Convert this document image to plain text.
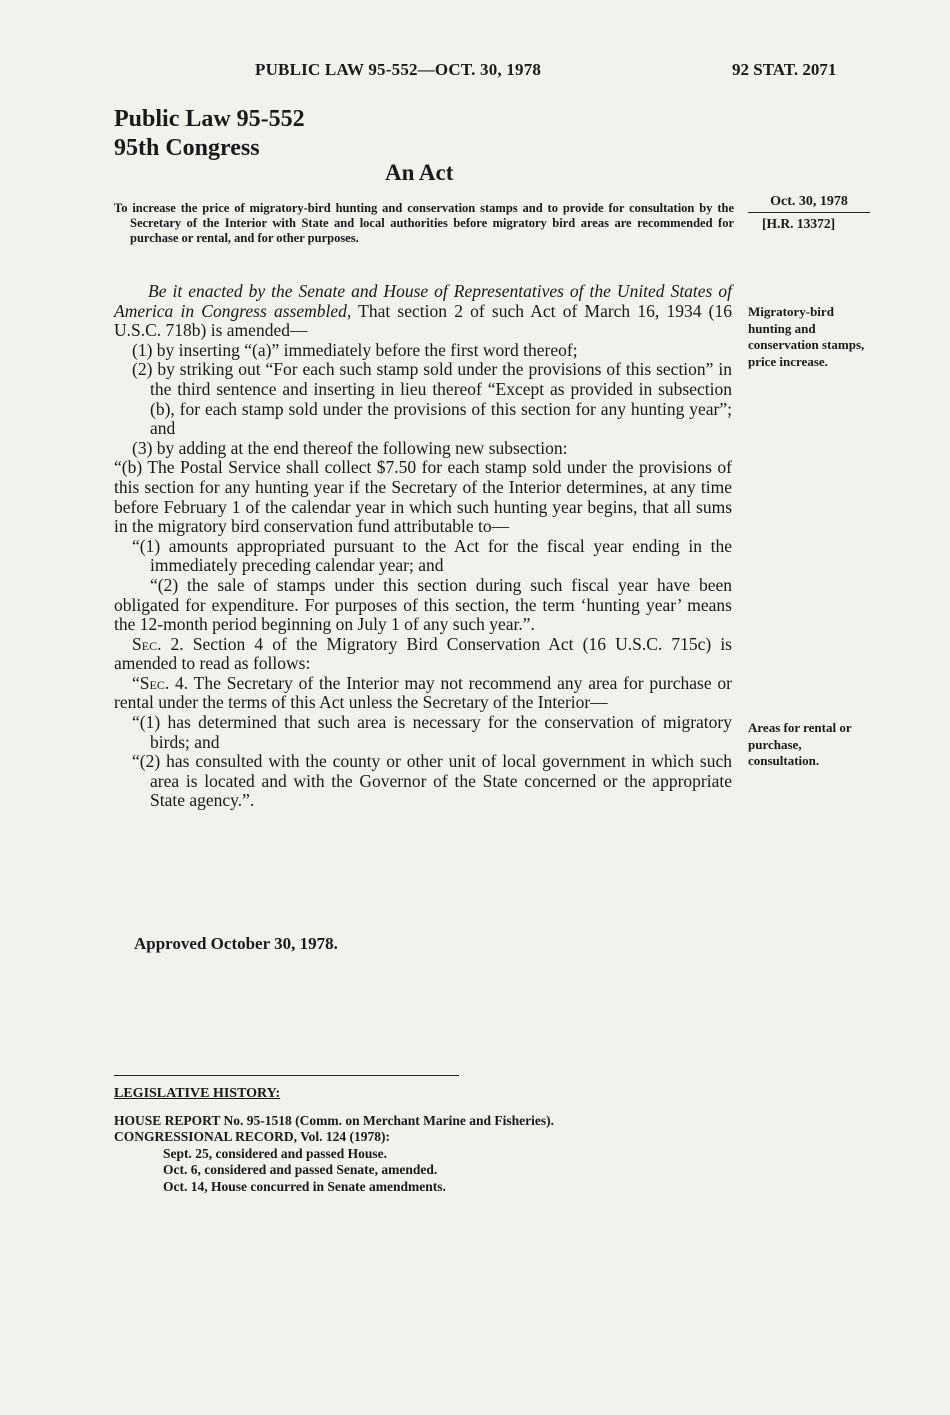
PUBLIC LAW 95-552—OCT. 30, 1978	92 STAT. 2071
Public Law 95-552
95th Congress
An Act
To increase the price of migratory-bird hunting and conservation stamps and to provide for consultation by the Secretary of the Interior with State and local authorities before migratory bird areas are recommended for purchase or rental, and for other purposes.
Oct. 30, 1978
[H.R. 13372]
Migratory-bird hunting and conservation stamps, price increase.
Areas for rental or purchase, consultation.

Be it enacted by the Senate and House of Representatives of the United States of America in Congress assembled, That section 2 of such Act of March 16, 1934 (16 U.S.C. 718b) is amended—

(1) by inserting “(a)” immediately before the first word thereof;

(2) by striking out “For each such stamp sold under the provisions of this section” in the third sentence and inserting in lieu thereof “Except as provided in subsection (b), for each stamp sold under the provisions of this section for any hunting year”; and

(3) by adding at the end thereof the following new subsection:

“(b) The Postal Service shall collect $7.50 for each stamp sold under the provisions of this section for any hunting year if the Secretary of the Interior determines, at any time before February 1 of the calendar year in which such hunting year begins, that all sums in the migratory bird conservation fund attributable to—

“(1) amounts appropriated pursuant to the Act for the fiscal year ending in the immediately preceding calendar year; and

“(2) the sale of stamps under this section during such fiscal year have been obligated for expenditure. For purposes of this section, the term ‘hunting year’ means the 12-month period beginning on July 1 of any such year.”.

Sec. 2. Section 4 of the Migratory Bird Conservation Act (16 U.S.C. 715c) is amended to read as follows:

“Sec. 4. The Secretary of the Interior may not recommend any area for purchase or rental under the terms of this Act unless the Secretary of the Interior—

“(1) has determined that such area is necessary for the conservation of migratory birds; and

“(2) has consulted with the county or other unit of local government in which such area is located and with the Governor of the State concerned or the appropriate State agency.”.

Approved October 30, 1978.
LEGISLATIVE HISTORY:
HOUSE REPORT No. 95-1518 (Comm. on Merchant Marine and Fisheries).
CONGRESSIONAL RECORD, Vol. 124 (1978):
Sept. 25, considered and passed House.
Oct. 6, considered and passed Senate, amended.
Oct. 14, House concurred in Senate amendments.
